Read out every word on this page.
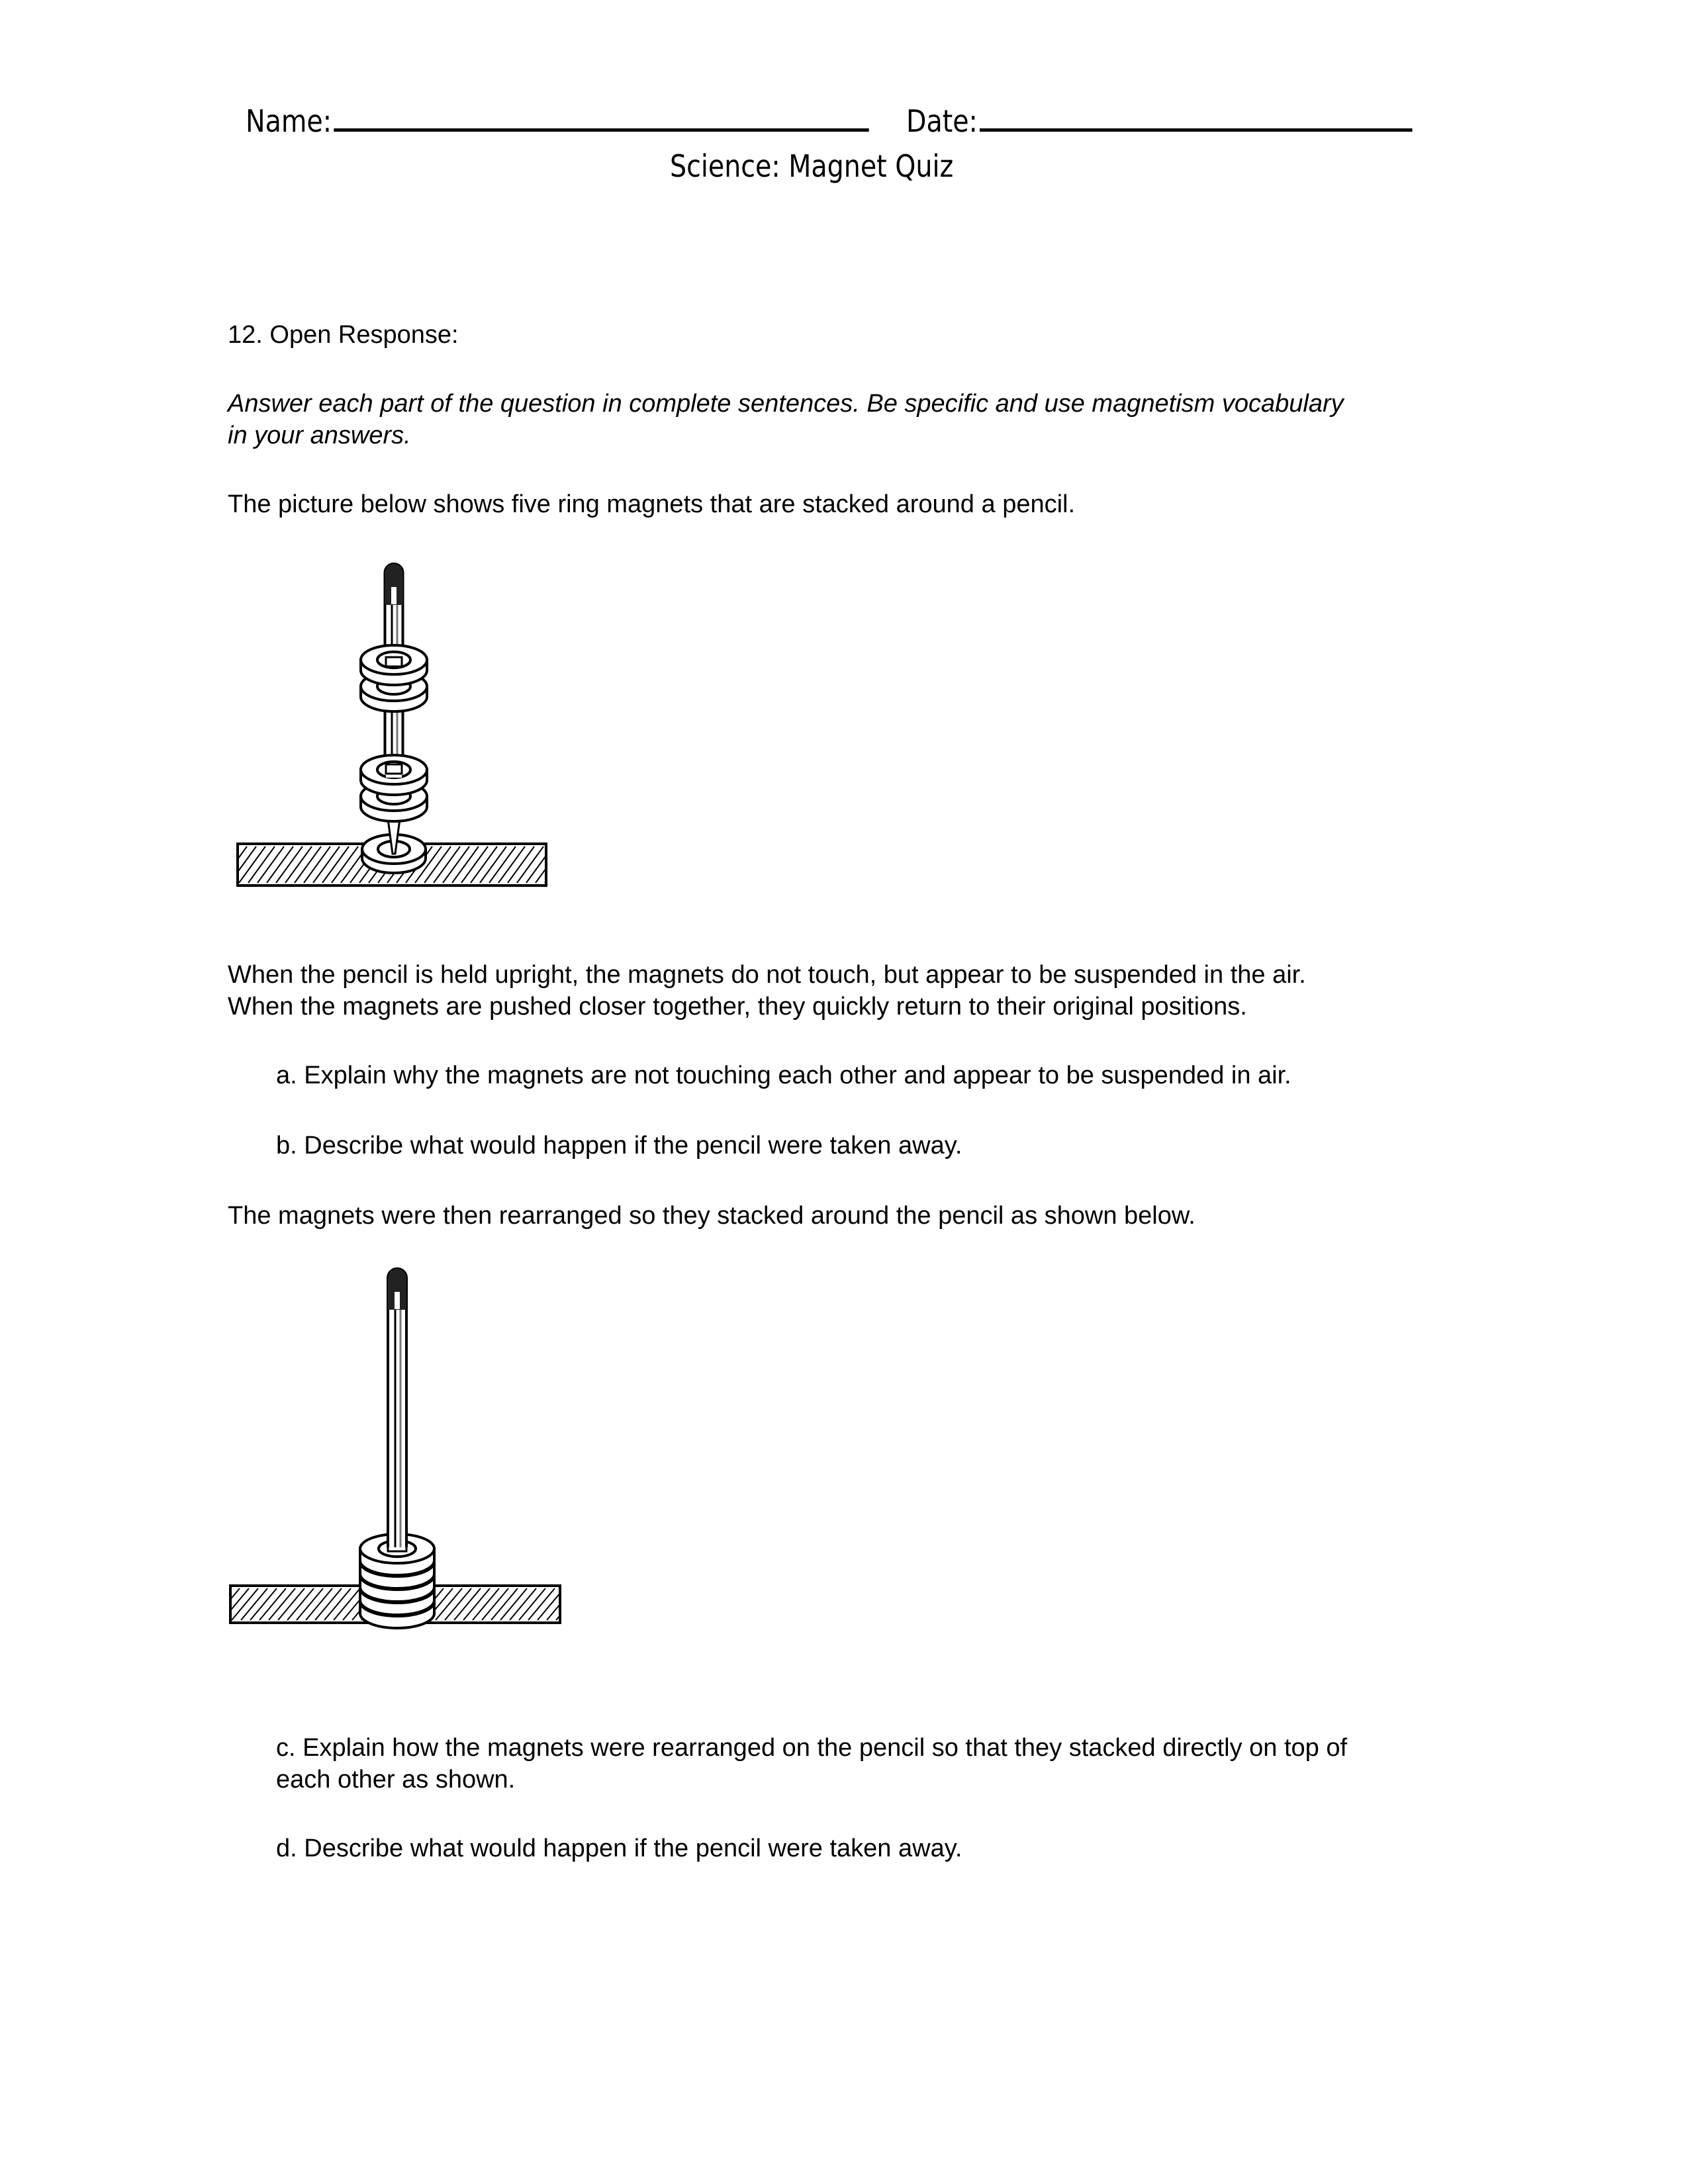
Name:	Date:
Science: Magnet Quiz
12. Open Response:
Answer each part of the question in complete sentences. Be specific and use magnetism vocabulary
in your answers.
The picture below shows five ring magnets that are stacked around a pencil.
When the pencil is held upright, the magnets do not touch, but appear to be suspended in the air.
When the magnets are pushed closer together, they quickly return to their original positions.
a. Explain why the magnets are not touching each other and appear to be suspended in air.
b. Describe what would happen if the pencil were taken away.
The magnets were then rearranged so they stacked around the pencil as shown below.
c. Explain how the magnets were rearranged on the pencil so that they stacked directly on top of
each other as shown.
d. Describe what would happen if the pencil were taken away.
